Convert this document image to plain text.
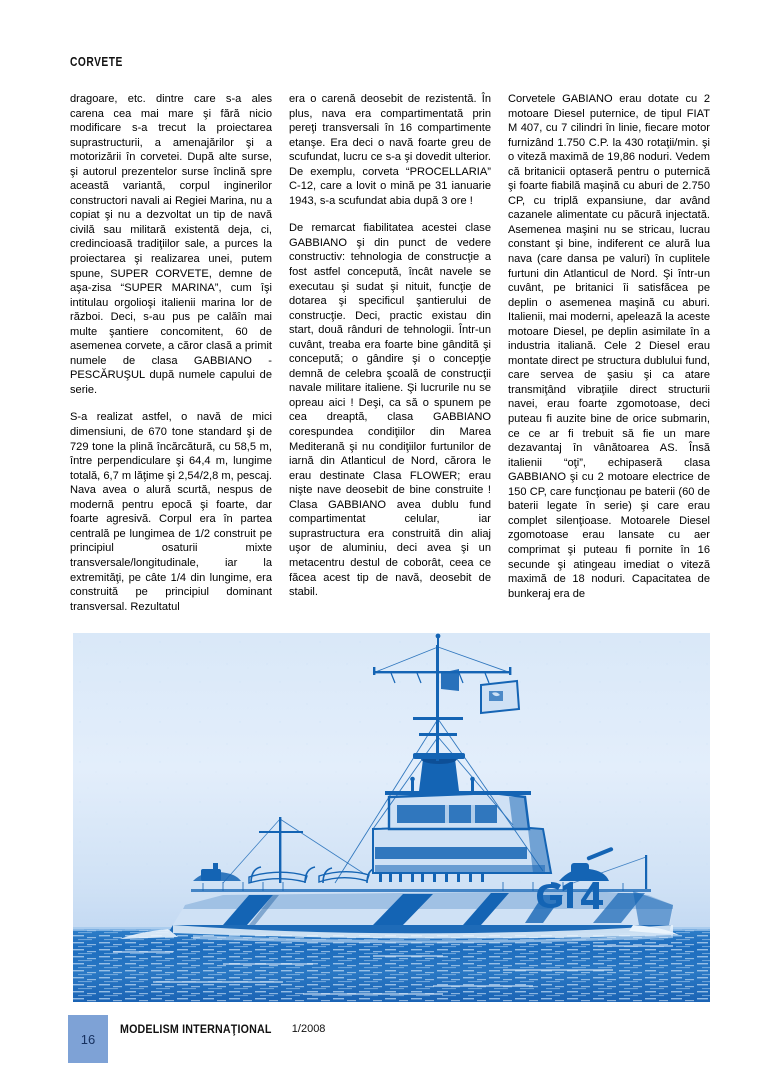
CORVETE

dragoare, etc. dintre care s-a ales carena cea mai mare şi fără nicio modificare s-a trecut la proiectarea suprastructurii, a amenajărilor şi a motorizării în corvetei. După alte surse, şi autorul prezentelor surse înclină spre această variantă, corpul inginerilor constructori navali ai Regiei Marina, nu a copiat şi nu a dezvoltat un tip de navă civilă sau militară existentă deja, ci, credincioasă tradiţiilor sale, a purces la proiectarea şi realizarea unei, putem spune, SUPER CORVETE, demne de aşa-zisa “SUPER MARINA”, cum îşi intitulau orgolioşi italienii marina lor de război. Deci, s-au pus pe calăîn mai multe şantiere concomitent, 60 de asemenea corvete, a căror clasă a primit numele de clasa GABBIANO - PESCĂRUŞUL după numele capului de serie.

S-a realizat astfel, o navă de mici dimensiuni, de 670 tone standard şi de 729 tone la plină încărcătură, cu 58,5 m, între perpendiculare şi 64,4 m, lungime totală, 6,7 m lăţime şi 2,54/2,8 m, pescaj. Nava avea o alură scurtă, nespus de modernă pentru epocă şi foarte, dar foarte agresivă. Corpul era în partea centrală pe lungimea de 1/2 construit pe principiul osaturii mixte transversale/longitudinale, iar la extremităţi, pe câte 1/4 din lungime, era construită pe principiul dominant transversal. Rezultatul

era o carenă deosebit de rezistentă. În plus, nava era compartimentată prin pereţi transversali în 16 compartimente etanşe. Era deci o navă foarte greu de scufundat, lucru ce s-a şi dovedit ulterior. De exemplu, corveta “PROCELLARIA” C-12, care a lovit o mină pe 31 ianuarie 1943, s-a scufundat abia după 3 ore !

De remarcat fiabilitatea acestei clase GABBIANO şi din punct de vedere constructiv: tehnologia de construcţie a fost astfel concepută, încât navele se executau şi sudat şi nituit, funcţie de dotarea şi specificul şantierului de construcţie. Deci, practic existau din start, două rânduri de tehnologii. Într-un cuvânt, treaba era foarte bine gândită şi concepută; o gândire şi o concepţie demnă de celebra şcoală de construcţii navale militare italiene. Şi lucrurile nu se opreau aici ! Deşi, ca să o spunem pe cea dreaptă, clasa GABBIANO corespundea condiţiilor din Marea Mediterană şi nu condiţiilor furtunilor de iarnă din Atlanticul de Nord, cărora le erau destinate Clasa FLOWER; erau nişte nave deosebit de bine construite ! Clasa GABBIANO avea dublu fund compartimentat celular, iar suprastructura era construită din aliaj uşor de aluminiu, deci avea şi un metacentru destul de coborât, ceea ce făcea acest tip de navă, deosebit de stabil.

Corvetele GABIANO erau dotate cu 2 motoare Diesel puternice, de tipul FIAT M 407, cu 7 cilindri în linie, fiecare motor furnizând 1.750 C.P. la 430 rotaţii/min. şi o viteză maximă de 19,86 noduri. Vedem că britanicii optaseră pentru o puternică şi foarte fiabilă maşină cu aburi de 2.750 CP, cu triplă expansiune, dar având cazanele alimentate cu păcură injectată. Asemenea maşini nu se stricau, lucrau constant şi bine, indiferent ce alură lua nava (care dansa pe valuri) în cuplitele furtuni din Atlanticul de Nord. Şi într-un cuvânt, pe britanici îi satisfăcea pe deplin o asemenea maşină cu aburi. Italienii, mai moderni, apelează la aceste motoare Diesel, pe deplin asimilate în a industria italiană. Cele 2 Diesel erau montate direct pe structura dublului fund, care servea de şasiu şi ca atare transmiţând vibraţiile direct structurii navei, erau foarte zgomotoase, deci puteau fi auzite bine de orice submarin, ce ce ar fi trebuit să fie un mare dezavantaj în vânătoarea AS. Însă italienii “oţi”, echipaseră clasa GABBIANO şi cu 2 motoare electrice de 150 CP, care funcţionau pe baterii (60 de baterii legate în serie) şi care erau complet silenţioase. Motoarele Diesel zgomotoase erau lansate cu aer comprimat şi puteau fi pornite în 16 secunde şi atingeau imediat o viteză maximă de 18 noduri. Capacitatea de bunkeraj era de

16
MODELISM INTERNAŢIONAL 1/2008
